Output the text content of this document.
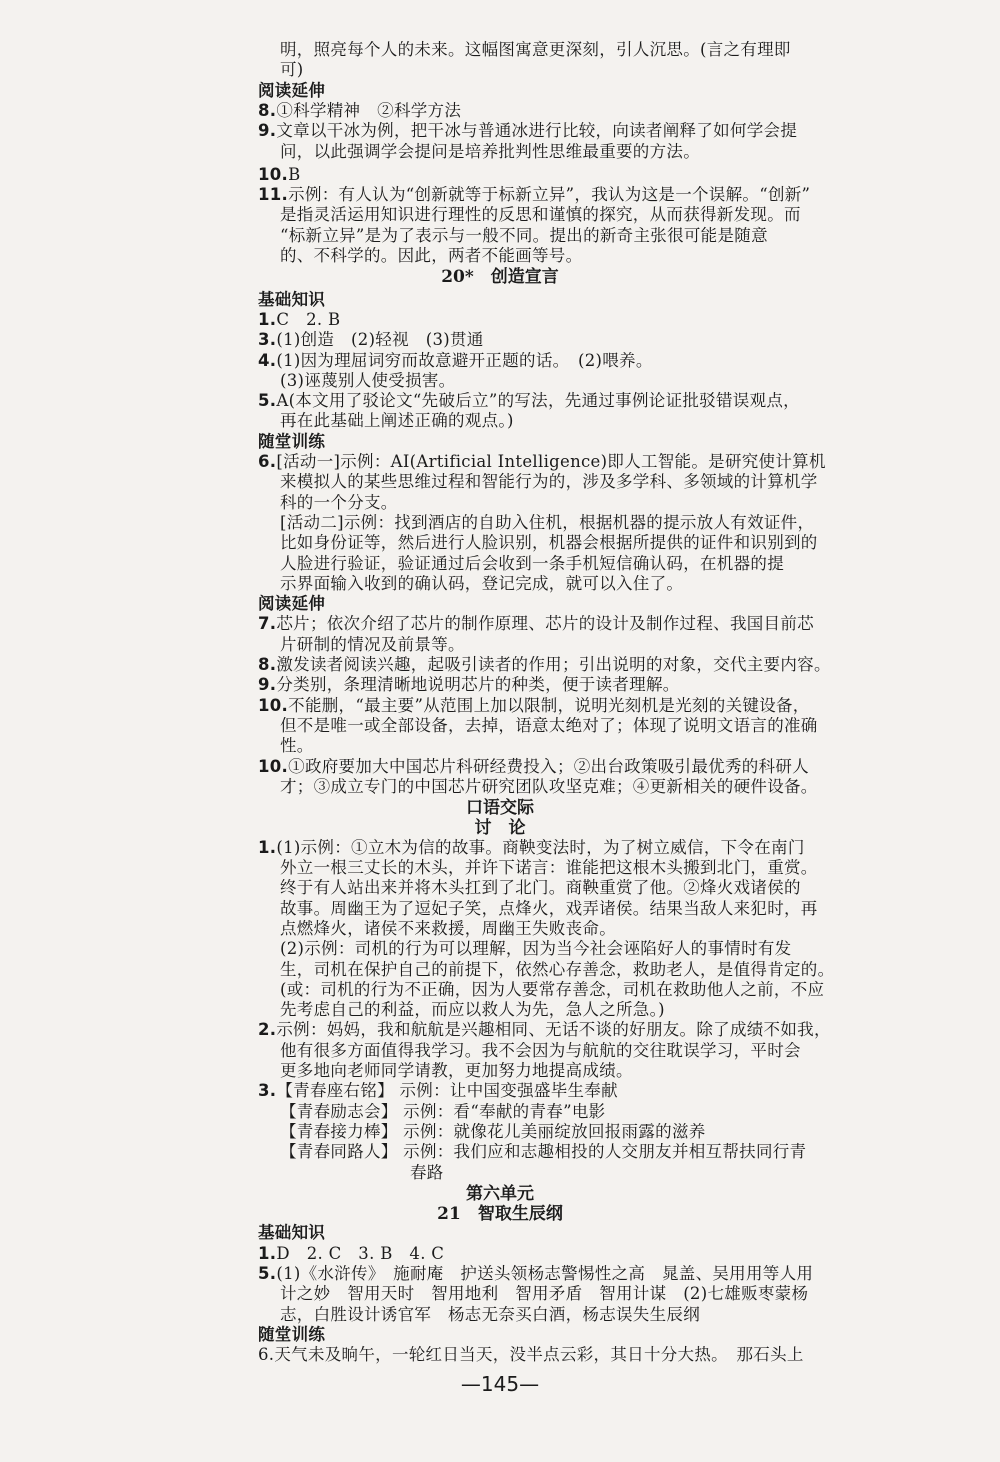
明，照亮每个人的未来。这幅图寓意更深刻，引人沉思。(言之有理即
可)
阅读延伸
8.①科学精神　②科学方法
9.文章以干冰为例，把干冰与普通冰进行比较，向读者阐释了如何学会提
问，以此强调学会提问是培养批判性思维最重要的方法。
10.B
11.示例：有人认为“创新就等于标新立异”，我认为这是一个误解。“创新”
是指灵活运用知识进行理性的反思和谨慎的探究，从而获得新发现。而
“标新立异”是为了表示与一般不同。提出的新奇主张很可能是随意
的、不科学的。因此，两者不能画等号。
20*　创造宣言
基础知识
1.C　2. B
3.(1)创造　(2)轻视　(3)贯通
4.(1)因为理屈词穷而故意避开正题的话。　(2)喂养。
(3)诬蔑别人使受损害。
5.A(本文用了驳论文“先破后立”的写法，先通过事例论证批驳错误观点，
再在此基础上阐述正确的观点。)
随堂训练
6.[活动一]示例：AI(Artificial Intelligence)即人工智能。是研究使计算机
来模拟人的某些思维过程和智能行为的，涉及多学科、多领域的计算机学
科的一个分支。
[活动二]示例：找到酒店的自助入住机，根据机器的提示放人有效证件，
比如身份证等，然后进行人脸识别，机器会根据所提供的证件和识别到的
人脸进行验证，验证通过后会收到一条手机短信确认码，在机器的提
示界面输入收到的确认码，登记完成，就可以入住了。
阅读延伸
7.芯片；依次介绍了芯片的制作原理、芯片的设计及制作过程、我国目前芯
片研制的情况及前景等。
8.激发读者阅读兴趣，起吸引读者的作用；引出说明的对象，交代主要内容。
9.分类别，条理清晰地说明芯片的种类，便于读者理解。
10.不能删，“最主要”从范围上加以限制，说明光刻机是光刻的关键设备，
但不是唯一或全部设备，去掉，语意太绝对了；体现了说明文语言的准确
性。
10.①政府要加大中国芯片科研经费投入；②出台政策吸引最优秀的科研人
才；③成立专门的中国芯片研究团队攻坚克难；④更新相关的硬件设备。
口语交际
讨　论
1.(1)示例：①立木为信的故事。商鞅变法时，为了树立威信，下令在南门
外立一根三丈长的木头，并许下诺言：谁能把这根木头搬到北门，重赏。
终于有人站出来并将木头扛到了北门。商鞅重赏了他。②烽火戏诸侯的
故事。周幽王为了逗妃子笑，点烽火，戏弄诸侯。结果当敌人来犯时，再
点燃烽火，诸侯不来救援，周幽王失败丧命。
(2)示例：司机的行为可以理解，因为当今社会诬陷好人的事情时有发
生，司机在保护自己的前提下，依然心存善念，救助老人，是值得肯定的。
(或：司机的行为不正确，因为人要常存善念，司机在救助他人之前，不应
先考虑自己的利益，而应以救人为先，急人之所急。)
2.示例：妈妈，我和航航是兴趣相同、无话不谈的好朋友。除了成绩不如我，
他有很多方面值得我学习。我不会因为与航航的交往耽误学习，平时会
更多地向老师同学请教，更加努力地提高成绩。
3.【青春座右铭】 示例：让中国变强盛毕生奉献
【青春励志会】 示例：看“奉献的青春”电影
【青春接力棒】 示例：就像花儿美丽绽放回报雨露的滋养
【青春同路人】 示例：我们应和志趣相投的人交朋友并相互帮扶同行青
春路
第六单元
21　智取生辰纲
基础知识
1.D　2. C　3. B　4. C
5.(1)《水浒传》　施耐庵　护送头领杨志警惕性之高　晁盖、吴用用等人用
计之妙　智用天时　智用地利　智用矛盾　智用计谋　(2)七雄贩枣蒙杨
志，白胜设计诱官军　杨志无奈买白酒，杨志误失生辰纲
随堂训练
6.天气未及晌午，一轮红日当天，没半点云彩，其日十分大热。　那石头上
—145—
